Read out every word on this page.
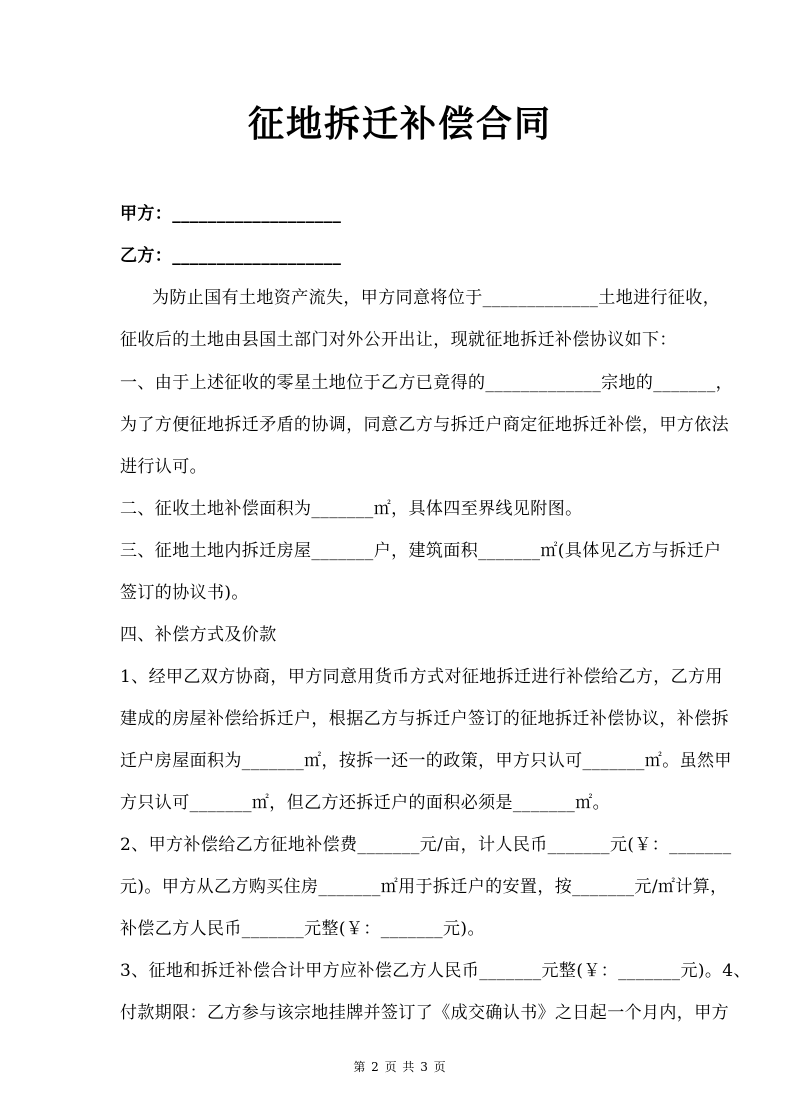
征地拆迁补偿合同
甲方：___________________
乙方：___________________
为防止国有土地资产流失，甲方同意将位于_____________土地进行征收，
征收后的土地由县国土部门对外公开出让，现就征地拆迁补偿协议如下：
一、由于上述征收的零星土地位于乙方已竟得的_____________宗地的_______，
为了方便征地拆迁矛盾的协调，同意乙方与拆迁户商定征地拆迁补偿，甲方依法
进行认可。
二、征收土地补偿面积为_______㎡，具体四至界线见附图。
三、征地土地内拆迁房屋_______户，建筑面积_______㎡(具体见乙方与拆迁户
签订的协议书)。
四、补偿方式及价款
1、经甲乙双方协商，甲方同意用货币方式对征地拆迁进行补偿给乙方，乙方用
建成的房屋补偿给拆迁户，根据乙方与拆迁户签订的征地拆迁补偿协议，补偿拆
迁户房屋面积为_______㎡，按拆一还一的政策，甲方只认可_______㎡。虽然甲
方只认可_______㎡，但乙方还拆迁户的面积必须是_______㎡。
2、甲方补偿给乙方征地补偿费_______元/亩，计人民币_______元(￥：_______
元)。甲方从乙方购买住房_______㎡用于拆迁户的安置，按_______元/㎡计算，
补偿乙方人民币_______元整(￥：_______元)。
3、征地和拆迁补偿合计甲方应补偿乙方人民币_______元整(￥：_______元)。4、
付款期限：乙方参与该宗地挂牌并签订了《成交确认书》之日起一个月内，甲方
第 2 页 共 3 页
